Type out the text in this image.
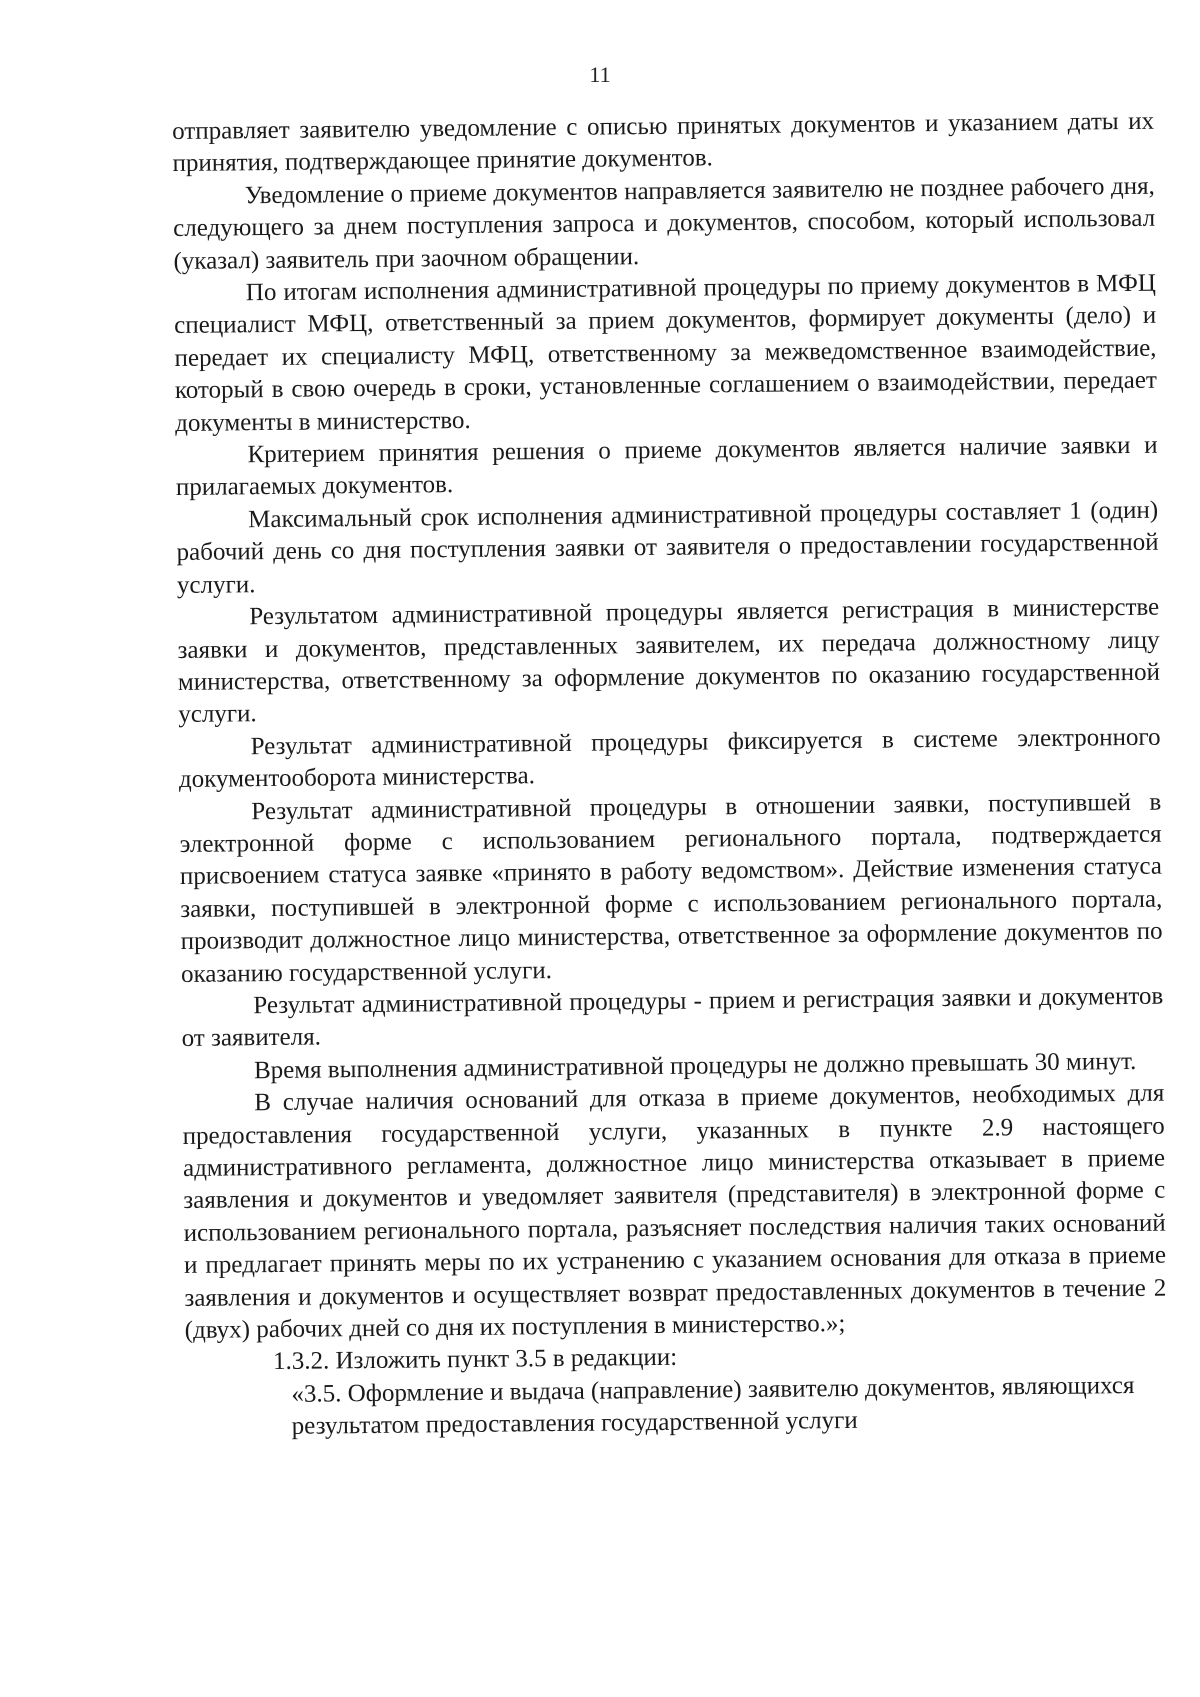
11

отправляет заявителю уведомление с описью принятых документов и указанием даты их принятия, подтверждающее принятие документов.

Уведомление о приеме документов направляется заявителю не позднее рабочего дня, следующего за днем поступления запроса и документов, способом, который использовал (указал) заявитель при заочном обращении.

По итогам исполнения административной процедуры по приему документов в МФЦ специалист МФЦ, ответственный за прием документов, формирует документы (дело) и передает их специалисту МФЦ, ответственному за межведомственное взаимодействие, который в свою очередь в сроки, установленные соглашением о взаимодействии, передает документы в министерство.

Критерием принятия решения о приеме документов является наличие заявки и прилагаемых документов.

Максимальный срок исполнения административной процедуры составляет 1 (один) рабочий день со дня поступления заявки от заявителя о предоставлении государственной услуги.

Результатом административной процедуры является регистрация в министерстве заявки и документов, представленных заявителем, их передача должностному лицу министерства, ответственному за оформление документов по оказанию государственной услуги.

Результат административной процедуры фиксируется в системе электронного документооборота министерства.

Результат административной процедуры в отношении заявки, поступившей в электронной форме с использованием регионального портала, подтверждается присвоением статуса заявке «принято в работу ведомством». Действие изменения статуса заявки, поступившей в электронной форме с использованием регионального портала, производит должностное лицо министерства, ответственное за оформление документов по оказанию государственной услуги.

Результат административной процедуры - прием и регистрация заявки и документов от заявителя.

Время выполнения административной процедуры не должно превышать 30 минут.

В случае наличия оснований для отказа в приеме документов, необходимых для предоставления государственной услуги, указанных в пункте 2.9 настоящего административного регламента, должностное лицо министерства отказывает в приеме заявления и документов и уведомляет заявителя (представителя) в электронной форме с использованием регионального портала, разъясняет последствия наличия таких оснований и предлагает принять меры по их устранению с указанием основания для отказа в приеме заявления и документов и осуществляет возврат предоставленных документов в течение 2 (двух) рабочих дней со дня их поступления в министерство.»;

1.3.2. Изложить пункт 3.5 в редакции:

«3.5. Оформление и выдача (направление) заявителю документов, являющихся результатом предоставления государственной услуги
